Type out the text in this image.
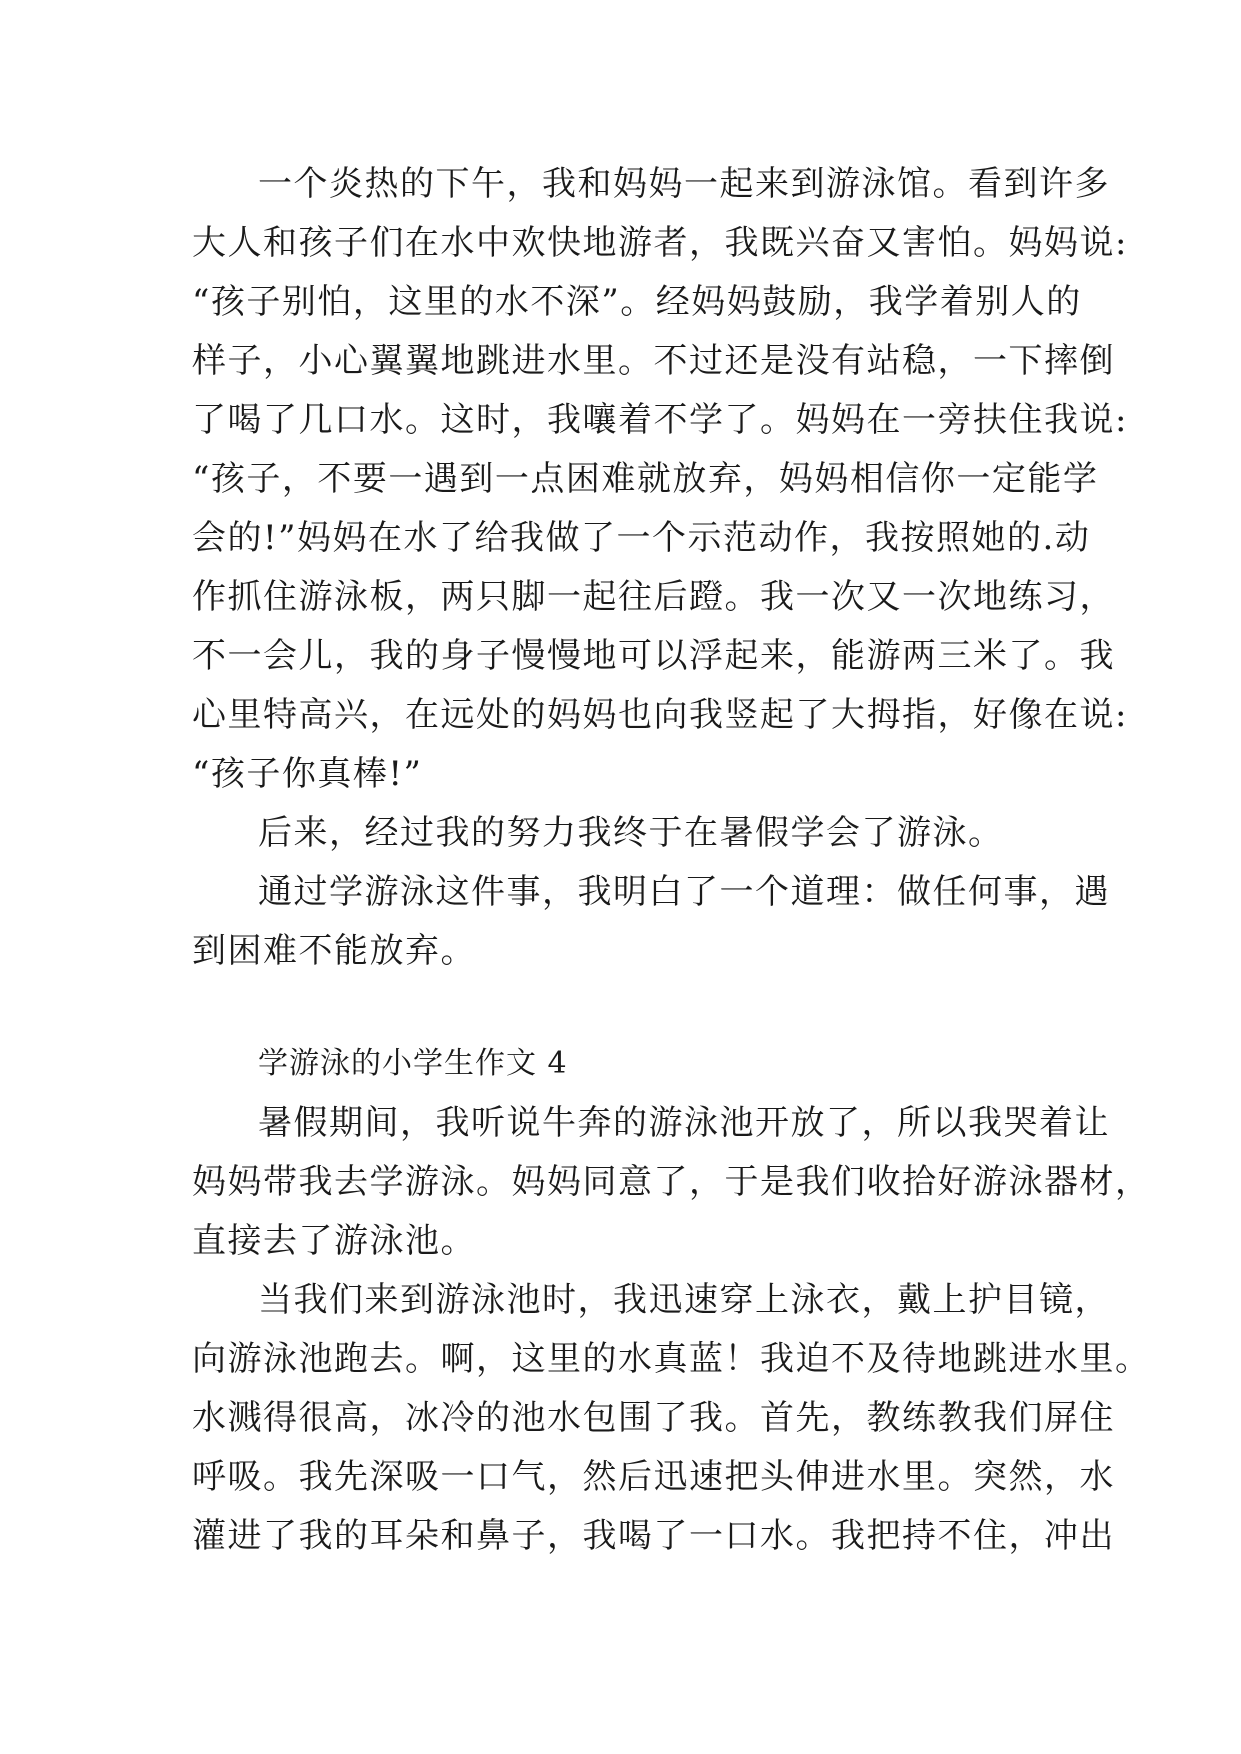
一个炎热的下午，我和妈妈一起来到游泳馆。看到许多
大人和孩子们在水中欢快地游者，我既兴奋又害怕。妈妈说:
“孩子别怕，这里的水不深”。经妈妈鼓励，我学着别人的
样子，小心翼翼地跳进水里。不过还是没有站稳，一下摔倒
了喝了几口水。这时，我嚷着不学了。妈妈在一旁扶住我说:
“孩子，不要一遇到一点困难就放弃，妈妈相信你一定能学
会的!”妈妈在水了给我做了一个示范动作，我按照她的.动
作抓住游泳板，两只脚一起往后蹬。我一次又一次地练习，
不一会儿，我的身子慢慢地可以浮起来，能游两三米了。我
心里特高兴，在远处的妈妈也向我竖起了大拇指，好像在说:
“孩子你真棒!”
后来，经过我的努力我终于在暑假学会了游泳。
通过学游泳这件事，我明白了一个道理：做任何事，遇
到困难不能放弃。
学游泳的小学生作文 4
暑假期间，我听说牛奔的游泳池开放了，所以我哭着让
妈妈带我去学游泳。妈妈同意了，于是我们收拾好游泳器材，
直接去了游泳池。
当我们来到游泳池时，我迅速穿上泳衣，戴上护目镜，
向游泳池跑去。啊，这里的水真蓝！我迫不及待地跳进水里。
水溅得很高，冰冷的池水包围了我。首先，教练教我们屏住
呼吸。我先深吸一口气，然后迅速把头伸进水里。突然，水
灌进了我的耳朵和鼻子，我喝了一口水。我把持不住，冲出
